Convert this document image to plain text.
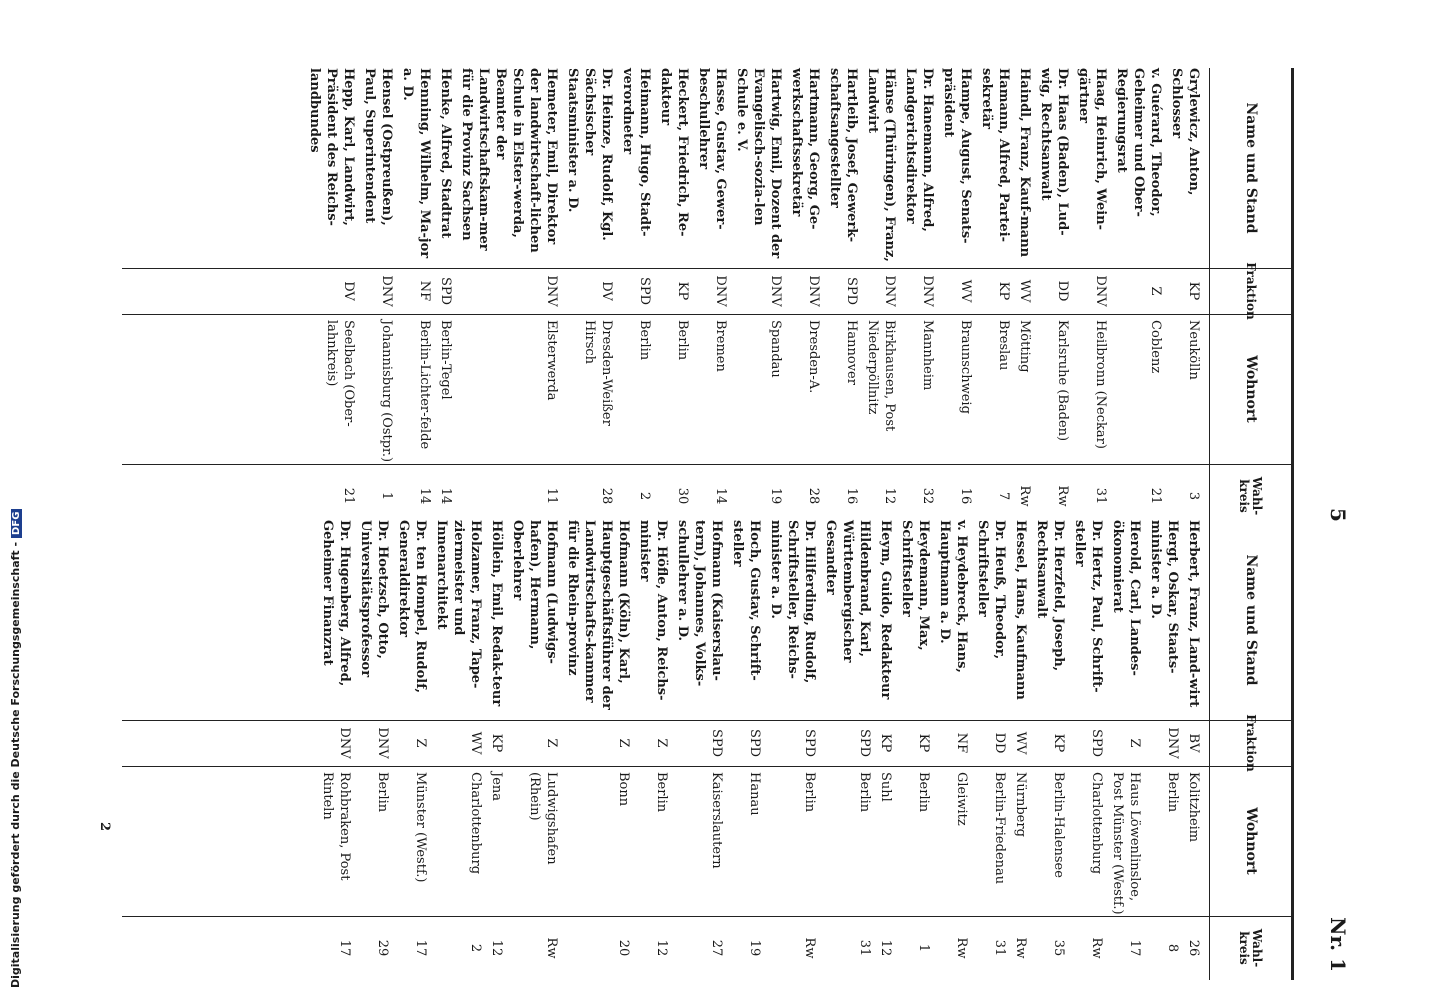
5
Nr. 1
Name und Stand
Fraktion
Wohnort
Wahl-kreis
Herbert, Franz, Land-wirt
BV
Kolitzheim
26
Hergt, Oskar, Staats-minister a. D.
DNV
Berlin
8
Herold, Carl, Landes-ökonomierat
Z
Haus Löwenlinsloe, Post Münster (Westf.)
17
Dr. Hertz, Paul, Schrift-steller
SPD
Charlottenburg
Rw
Dr. Herzfeld, Joseph, Rechtsanwalt
KP
Berlin-Halensee
35
Hessel, Hans, Kaufmann
WV
Nürnberg
Rw
Dr. Heuß, Theodor, Schriftsteller
DD
Berlin-Friedenau
31
v. Heydebreck, Hans, Hauptmann a. D.
NF
Gleiwitz
Rw
Heydemann, Max, Schriftsteller
KP
Berlin
1
Heym, Guido, Redakteur
KP
Suhl
12
Hildenbrand, Karl, Württembergischer Gesandter
SPD
Berlin
31
Dr. Hilferding, Rudolf, Schriftsteller, Reichs-minister a. D.
SPD
Berlin
Rw
Hoch, Gustav, Schrift-steller
SPD
Hanau
19
Hofmann (Kaiserslau-tern), Johannes, Volks-schullehrer a. D.
SPD
Kaiserslautern
27
Dr. Höfle, Anton, Reichs-minister
Z
Berlin
12
Hofmann (Köln), Karl, Hauptgeschäftsführer der Landwirtschafts-kammer für die Rhein-provinz
Z
Bonn
20
Hofmann (Ludwigs-hafen), Hermann, Oberlehrer
Z
Ludwigshafen (Rhein)
Rw
Höllein, Emil, Redak-teur
KP
Jena
12
Holzamer, Franz, Tape-ziermeister und Innenarchitekt
WV
Charlottenburg
2
Dr. ten Hompel, Rudolf, Generaldirektor
Z
Münster (Westf.)
17
Dr. Hoetzsch, Otto, Universitätsprofessor
DNV
Berlin
29
Dr. Hugenberg, Alfred, Geheimer Finanzrat
DNV
Rohbraken, Post Rinteln
17
Name und Stand
Fraktion
Wohnort
Wahl-kreis
Grylewicz, Anton, Schlosser
KP
Neukölln
3
v. Guérard, Theodor, Geheimer und Ober-Regierungsrat
Z
Coblenz
21
Haag, Heinrich, Wein-gärtner
DNV
Heilbronn (Neckar)
31
Dr. Haas (Baden), Lud-wig, Rechtsanwalt
DD
Karlsruhe (Baden)
Rw
Haindl, Franz, Kauf-mann
WV
Mötting
Rw
Hamann, Alfred, Partei-sekretär
KP
Breslau
7
Hampe, August, Senats-präsident
WV
Braunschweig
16
Dr. Hanemann, Alfred, Landgerichtsdirektor
DNV
Mannheim
32
Hänse (Thüringen), Franz, Landwirt
DNV
Birkhausen, Post Niederpöllnitz
12
Hartleib, Josef, Gewerk-schaftsangestellter
SPD
Hannover
16
Hartmann, Georg, Ge-werkschaftssekretär
DNV
Dresden-A.
28
Hartwig, Emil, Dozent der Evangelisch-sozia-len Schule e. V.
DNV
Spandau
19
Hasse, Gustav, Gewer-beschullehrer
DNV
Bremen
14
Heckert, Friedrich, Re-dakteur
KP
Berlin
30
Heimann, Hugo, Stadt-verordneter
SPD
Berlin
2
Dr. Heinze, Rudolf, Kgl. Sächsischer Staatsminister a. D.
DV
Dresden-Weißer Hirsch
28
Hemeter, Emil, Direktor der landwirtschaft-lichen Schule in Elster-werda, Beamter der Landwirtschaftskam-mer für die Provinz Sachsen
DNV
Elsterwerda
11
Henke, Alfred, Stadtrat
SPD
Berlin-Tegel
14
Henning, Wilhelm, Ma-jor a. D.
NF
Berlin-Lichter-felde
14
Hensel (Ostpreußen), Paul, Superintendent
DNV
Johannisburg (Ostpr.)
1
Hepp, Karl, Landwirt, Präsident des Reichs-landbundes
DV
Seelbach (Ober-lahnkreis)
21
2
Digitalisierung gefördert durch die Deutsche Forschungsgemeinschaft -DFG
